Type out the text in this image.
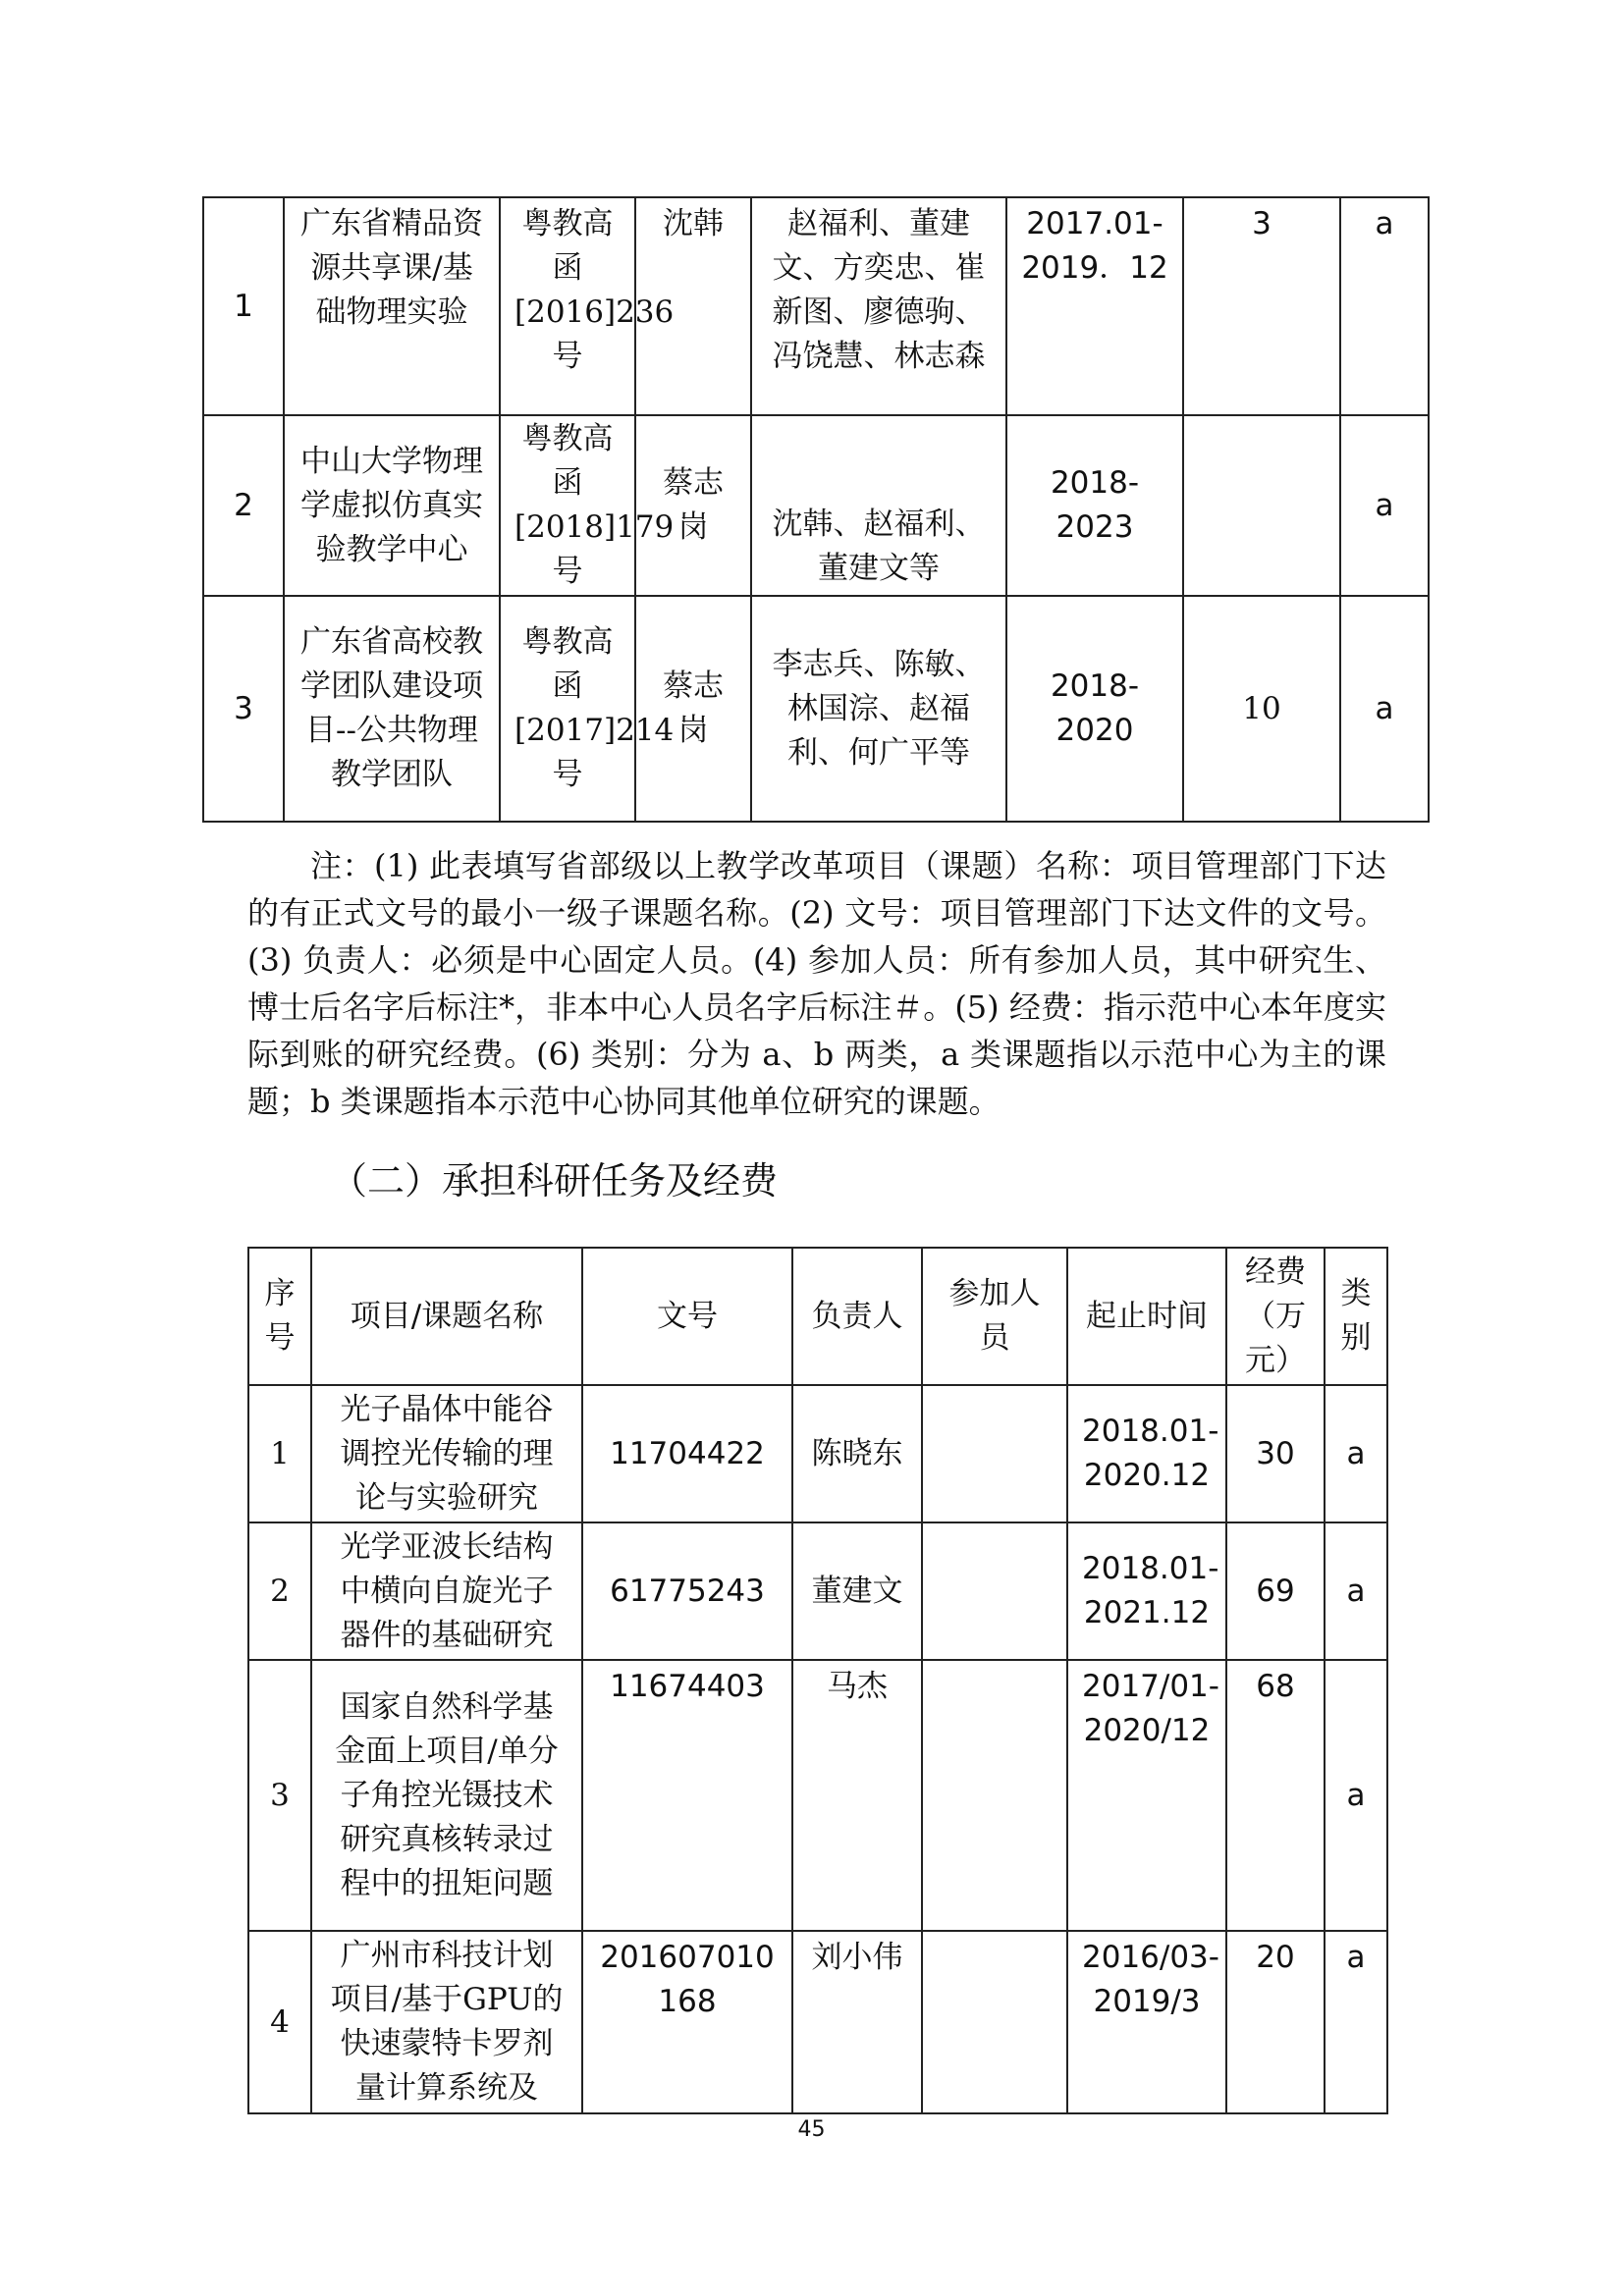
1	广东省精品资源共享课/基础物理实验	粤教高函[2016]236号	沈韩	赵福利、董建文、方奕忠、崔新图、廖德驹、冯饶慧、林志森	2017.01-2019．12	3	a
2	中山大学物理学虚拟仿真实验教学中心	粤教高函[2018]179号	蔡志岗	沈韩、赵福利、董建文等	2018-2023		a
3	广东省高校教学团队建设项目--公共物理教学团队	粤教高函[2017]214号	蔡志岗	李志兵、陈敏、林国淙、赵福利、何广平等	2018-2020	10	a

注：(1) 此表填写省部级以上教学改革项目（课题）名称：项目管理部门下达的有正式文号的最小一级子课题名称。(2) 文号：项目管理部门下达文件的文号。(3) 负责人：必须是中心固定人员。(4) 参加人员：所有参加人员，其中研究生、博士后名字后标注*，非本中心人员名字后标注＃。(5) 经费：指示范中心本年度实际到账的研究经费。(6) 类别：分为 a、b 两类，a 类课题指以示范中心为主的课题；b 类课题指本示范中心协同其他单位研究的课题。

（二）承担科研任务及经费
序号	项目/课题名称	文号	负责人	参加人员	起止时间	经费（万元）	类别
1	光子晶体中能谷调控光传输的理论与实验研究	11704422	陈晓东		2018.01-2020.12	30	a
2	光学亚波长结构中横向自旋光子器件的基础研究	61775243	董建文		2018.01-2021.12	69	a
3	国家自然科学基金面上项目/单分子角控光镊技术研究真核转录过程中的扭矩问题	11674403	马杰		2017/01-2020/12	68	a
4	广州市科技计划项目/基于GPU的快速蒙特卡罗剂量计算系统及	201607010168	刘小伟		2016/03-2019/3	20	a
45
